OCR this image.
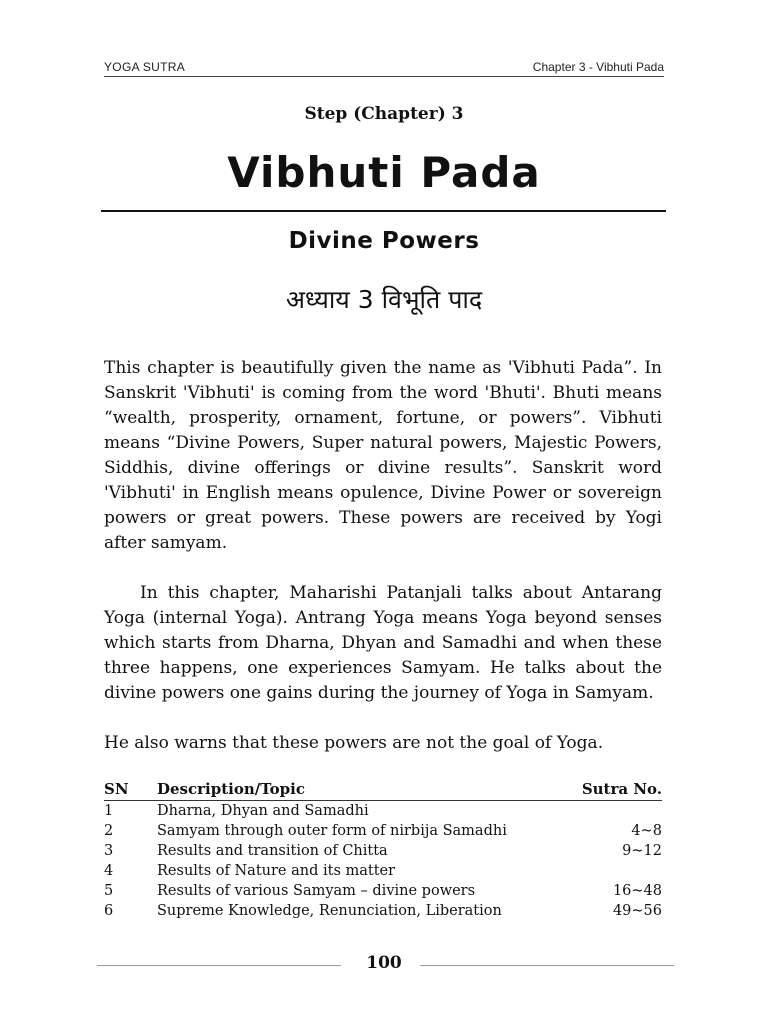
YOGA SUTRA	Chapter 3 - Vibhuti Pada
Step (Chapter) 3
Vibhuti Pada
Divine Powers
अध्याय 3 विभूति पाद

This chapter is beautifully given the name as 'Vibhuti Pada”. In Sanskrit 'Vibhuti' is coming from the word 'Bhuti'. Bhuti means “wealth, prosperity, ornament, fortune, or powers”. Vibhuti means “Divine Powers, Super natural powers, Majestic Powers, Siddhis, divine offerings or divine results”. Sanskrit word 'Vibhuti' in English means opulence, Divine Power or sovereign powers or great powers. These powers are received by Yogi after samyam.

In this chapter, Maharishi Patanjali talks about Antarang Yoga (internal Yoga). Antrang Yoga means Yoga beyond senses which starts from Dharna, Dhyan and Samadhi and when these three happens, one experiences Samyam. He talks about the divine powers one gains during the journey of Yoga in Samyam.

He also warns that these powers are not the goal of Yoga.

SN	Description/Topic	Sutra No.
1	Dharna, Dhyan and Samadhi	
2	Samyam through outer form of nirbija Samadhi	4~8
3	Results and transition of Chitta	9~12
4	Results of Nature and its matter	
5	Results of various Samyam – divine powers	16~48
6	Supreme Knowledge, Renunciation, Liberation	49~56
100
